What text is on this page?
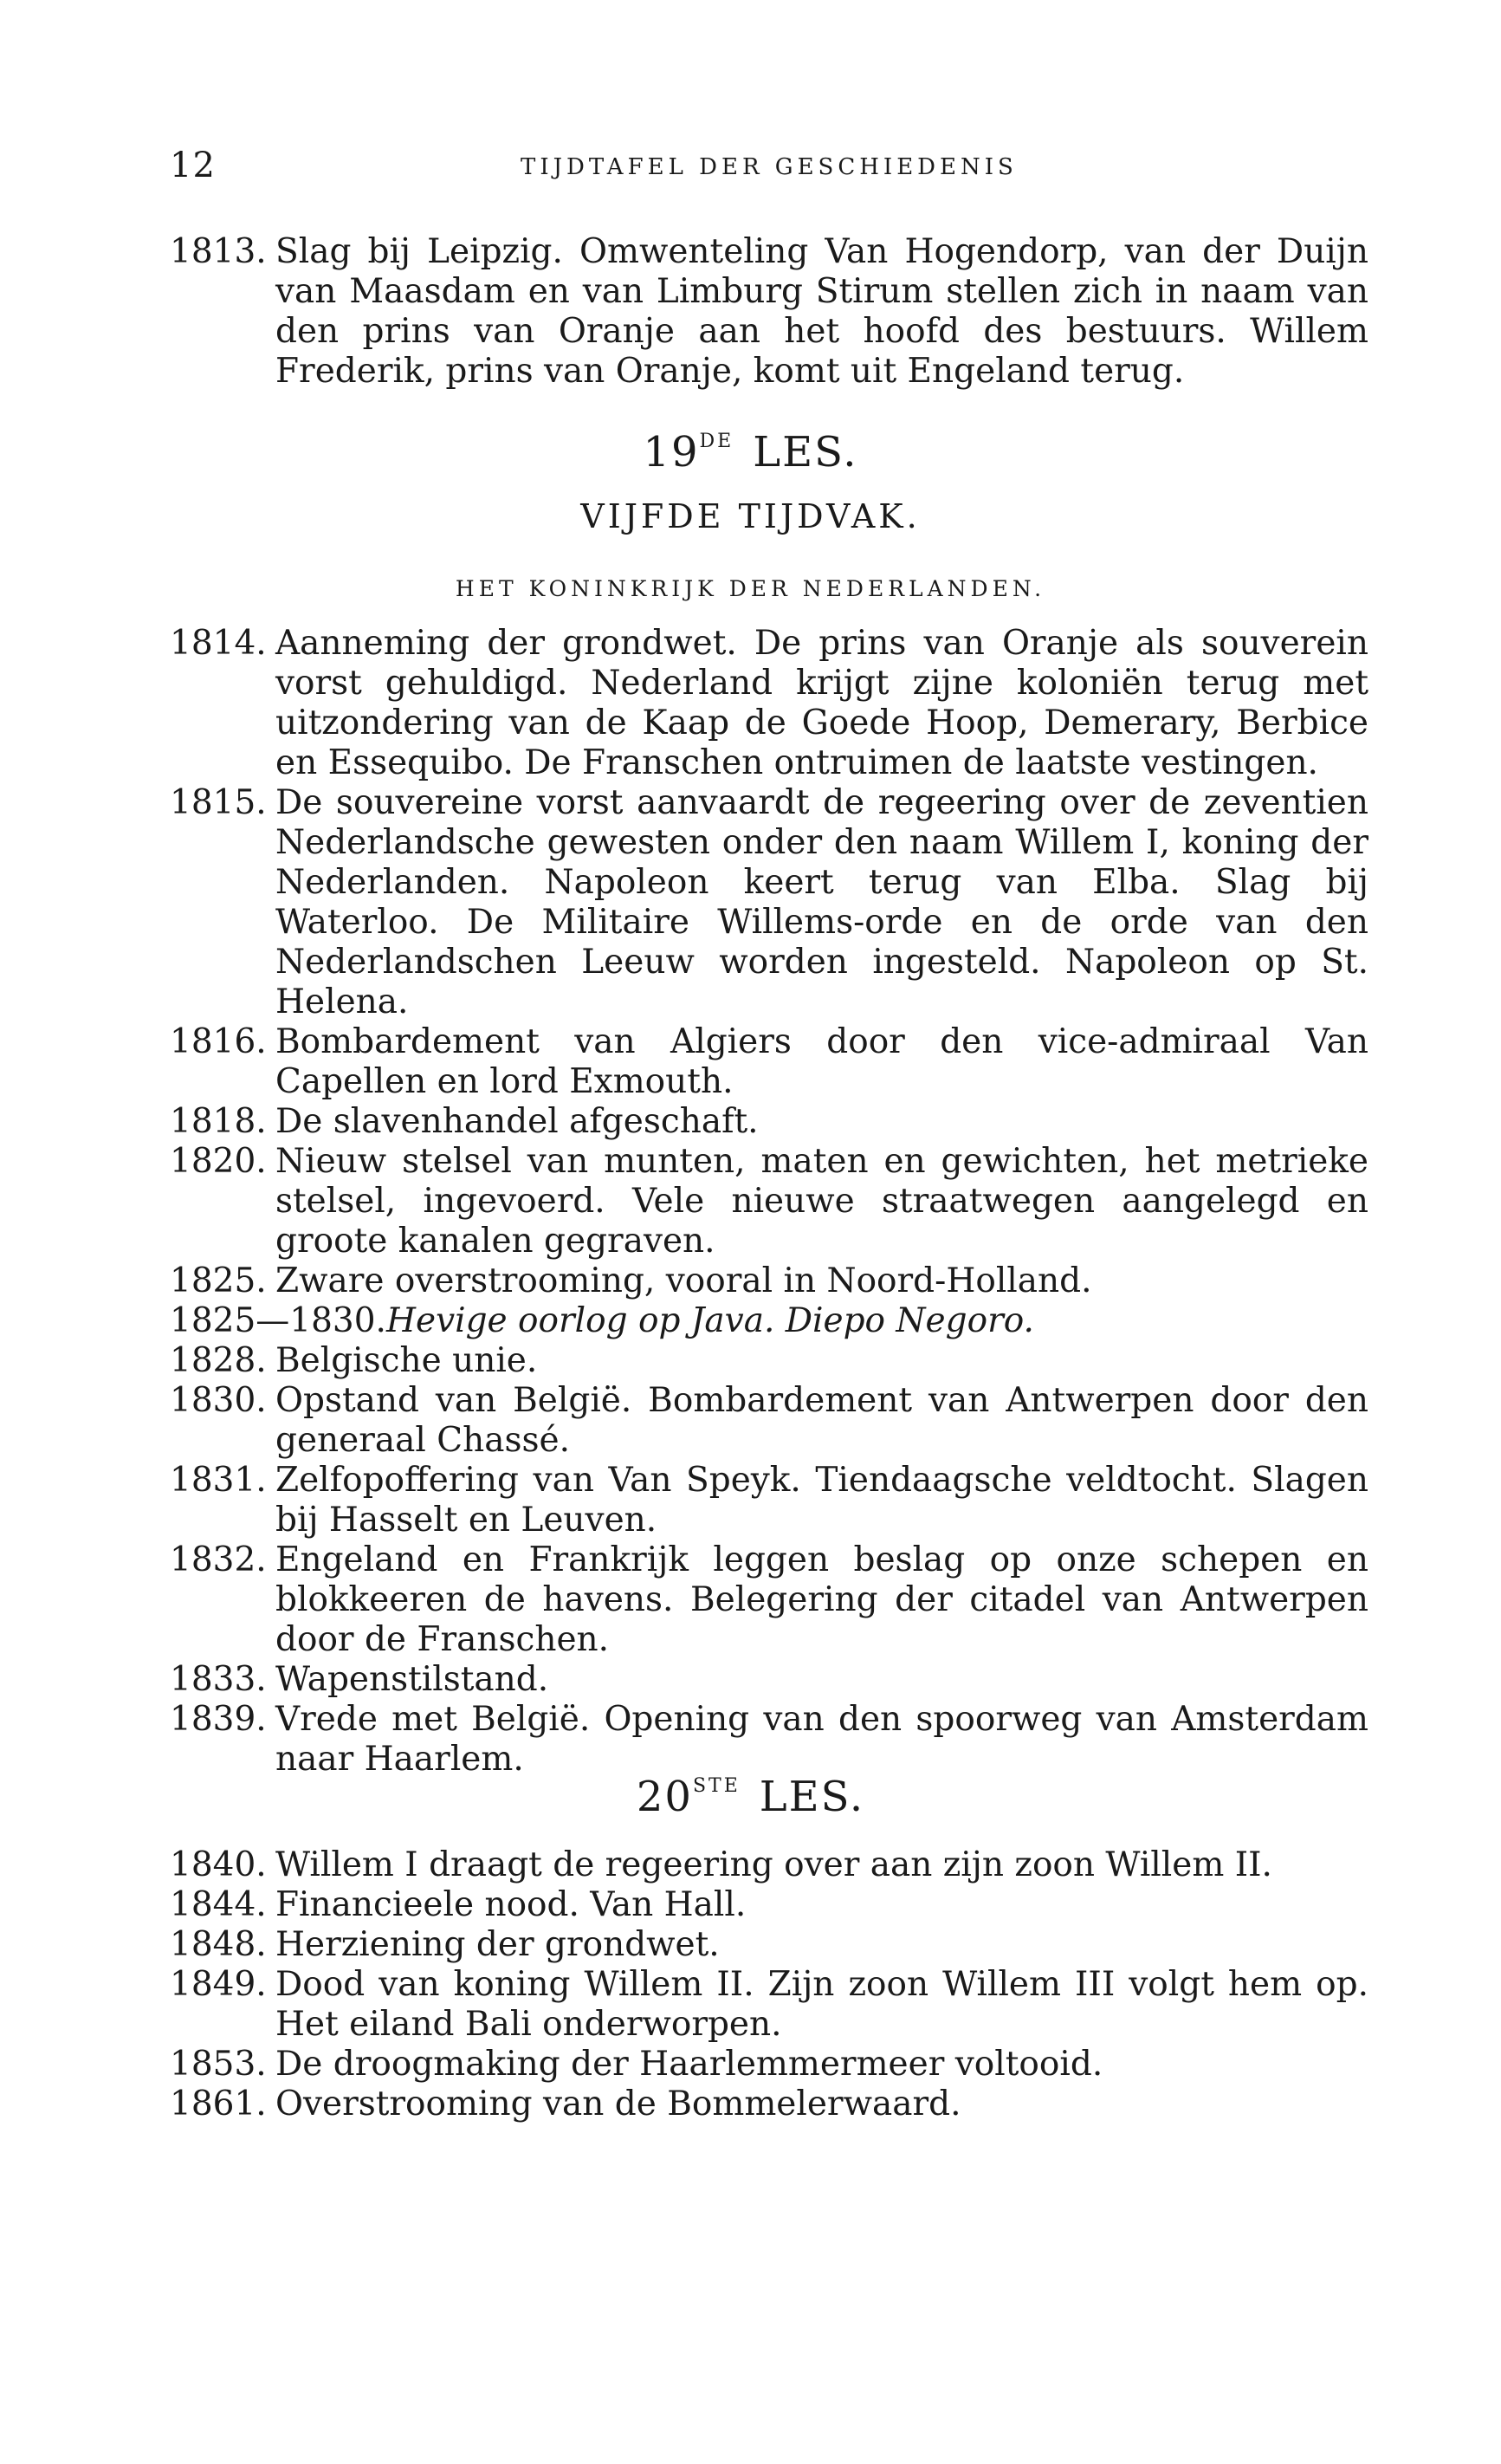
12	TIJDTAFEL DER GESCHIEDENIS
1813. Slag bij Leipzig. Omwenteling Van Hogendorp, van der Duijn van Maasdam en van Limburg Stirum stellen zich in naam van den prins van Oranje aan het hoofd des bestuurs. Willem Frederik, prins van Oranje, komt uit Engeland terug.
19DE LES.
VIJFDE TIJDVAK.
HET KONINKRIJK DER NEDERLANDEN.
1814. Aanneming der grondwet. De prins van Oranje als souverein vorst gehuldigd. Nederland krijgt zijne koloniën terug met uitzondering van de Kaap de Goede Hoop, Demerary, Berbice en Essequibo. De Franschen ontruimen de laatste vestingen.
1815. De souvereine vorst aanvaardt de regeering over de zeventien Nederlandsche gewesten onder den naam Willem I, koning der Nederlanden. Napoleon keert terug van Elba. Slag bij Waterloo. De Militaire Willems-orde en de orde van den Nederlandschen Leeuw worden ingesteld. Napoleon op St. Helena.
1816. Bombardement van Algiers door den vice-admiraal Van Capellen en lord Exmouth.
1818. De slavenhandel afgeschaft.
1820. Nieuw stelsel van munten, maten en gewichten, het metrieke stelsel, ingevoerd. Vele nieuwe straatwegen aangelegd en groote kanalen gegraven.
1825. Zware overstrooming, vooral in Noord-Holland.
1825—1830. Hevige oorlog op Java. Diepo Negoro.
1828. Belgische unie.
1830. Opstand van België. Bombardement van Antwerpen door den generaal Chassé.
1831. Zelfopoffering van Van Speyk. Tiendaagsche veldtocht. Slagen bij Hasselt en Leuven.
1832. Engeland en Frankrijk leggen beslag op onze schepen en blokkeeren de havens. Belegering der citadel van Antwerpen door de Franschen.
1833. Wapenstilstand.
1839. Vrede met België. Opening van den spoorweg van Amsterdam naar Haarlem.
20STE LES.
1840. Willem I draagt de regeering over aan zijn zoon Willem II.
1844. Financieele nood. Van Hall.
1848. Herziening der grondwet.
1849. Dood van koning Willem II. Zijn zoon Willem III volgt hem op. Het eiland Bali onderworpen.
1853. De droogmaking der Haarlemmermeer voltooid.
1861. Overstrooming van de Bommelerwaard.
